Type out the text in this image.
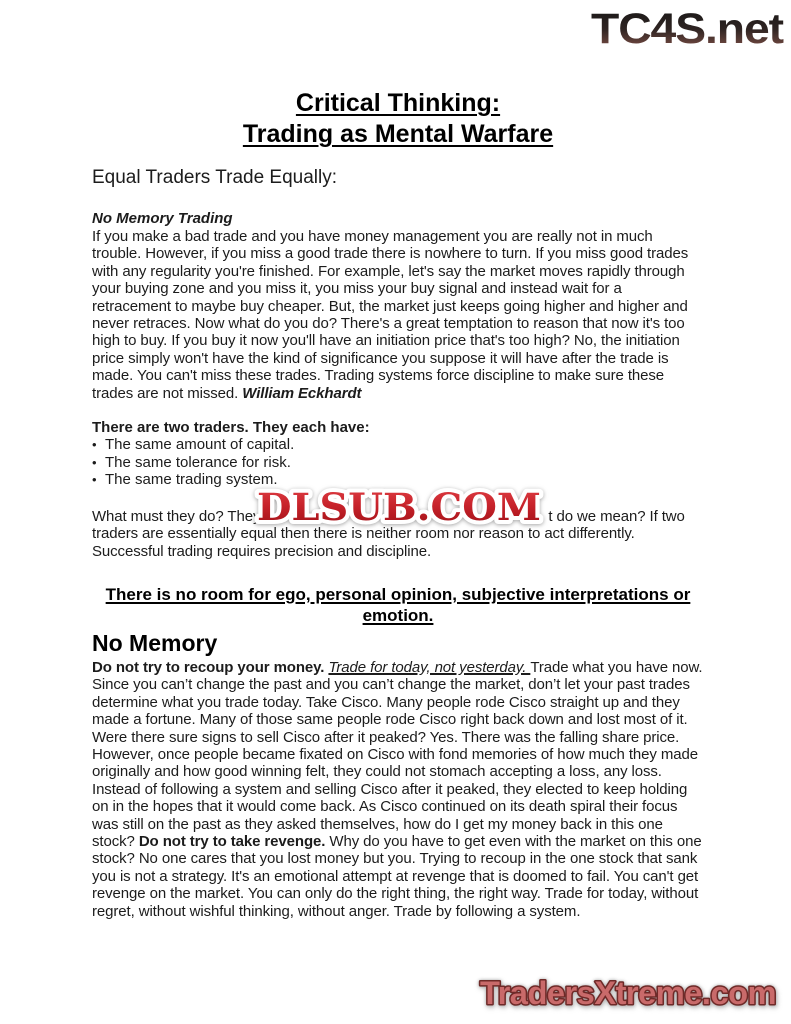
TC4S.net
Critical Thinking:
Trading as Mental Warfare
Equal Traders Trade Equally:
No Memory Trading

If you make a bad trade and you have money management you are really not in much trouble. However, if you miss a good trade there is nowhere to turn. If you miss good trades with any regularity you're finished. For example, let's say the market moves rapidly through your buying zone and you miss it, you miss your buy signal and instead wait for a retracement to maybe buy cheaper. But, the market just keeps going higher and higher and never retraces. Now what do you do? There's a great temptation to reason that now it's too high to buy. If you buy it now you'll have an initiation price that's too high? No, the initiation price simply won't have the kind of significance you suppose it will have after the trade is made. You can't miss these trades. Trading systems force discipline to make sure these trades are not missed. William Eckhardt

There are two traders. They each have:
• The same amount of capital.
• The same tolerance for risk.
• The same trading system.

What must they do? They	t do we mean? If two traders are essentially equal then there is neither room nor reason to act differently. Successful trading requires precision and discipline.

There is no room for ego, personal opinion, subjective interpretations or emotion.
No Memory

Do not try to recoup your money. Trade for today, not yesterday. Trade what you have now. Since you can’t change the past and you can’t change the market, don’t let your past trades determine what you trade today. Take Cisco. Many people rode Cisco straight up and they made a fortune. Many of those same people rode Cisco right back down and lost most of it. Were there sure signs to sell Cisco after it peaked? Yes. There was the falling share price. However, once people became fixated on Cisco with fond memories of how much they made originally and how good winning felt, they could not stomach accepting a loss, any loss. Instead of following a system and selling Cisco after it peaked, they elected to keep holding on in the hopes that it would come back. As Cisco continued on its death spiral their focus was still on the past as they asked themselves, how do I get my money back in this one stock? Do not try to take revenge. Why do you have to get even with the market on this one stock? No one cares that you lost money but you. Trying to recoup in the one stock that sank you is not a strategy. It's an emotional attempt at revenge that is doomed to fail. You can't get revenge on the market. You can only do the right thing, the right way. Trade for today, without regret, without wishful thinking, without anger. Trade by following a system.

DLSUB.COM
TradersXtreme.com
